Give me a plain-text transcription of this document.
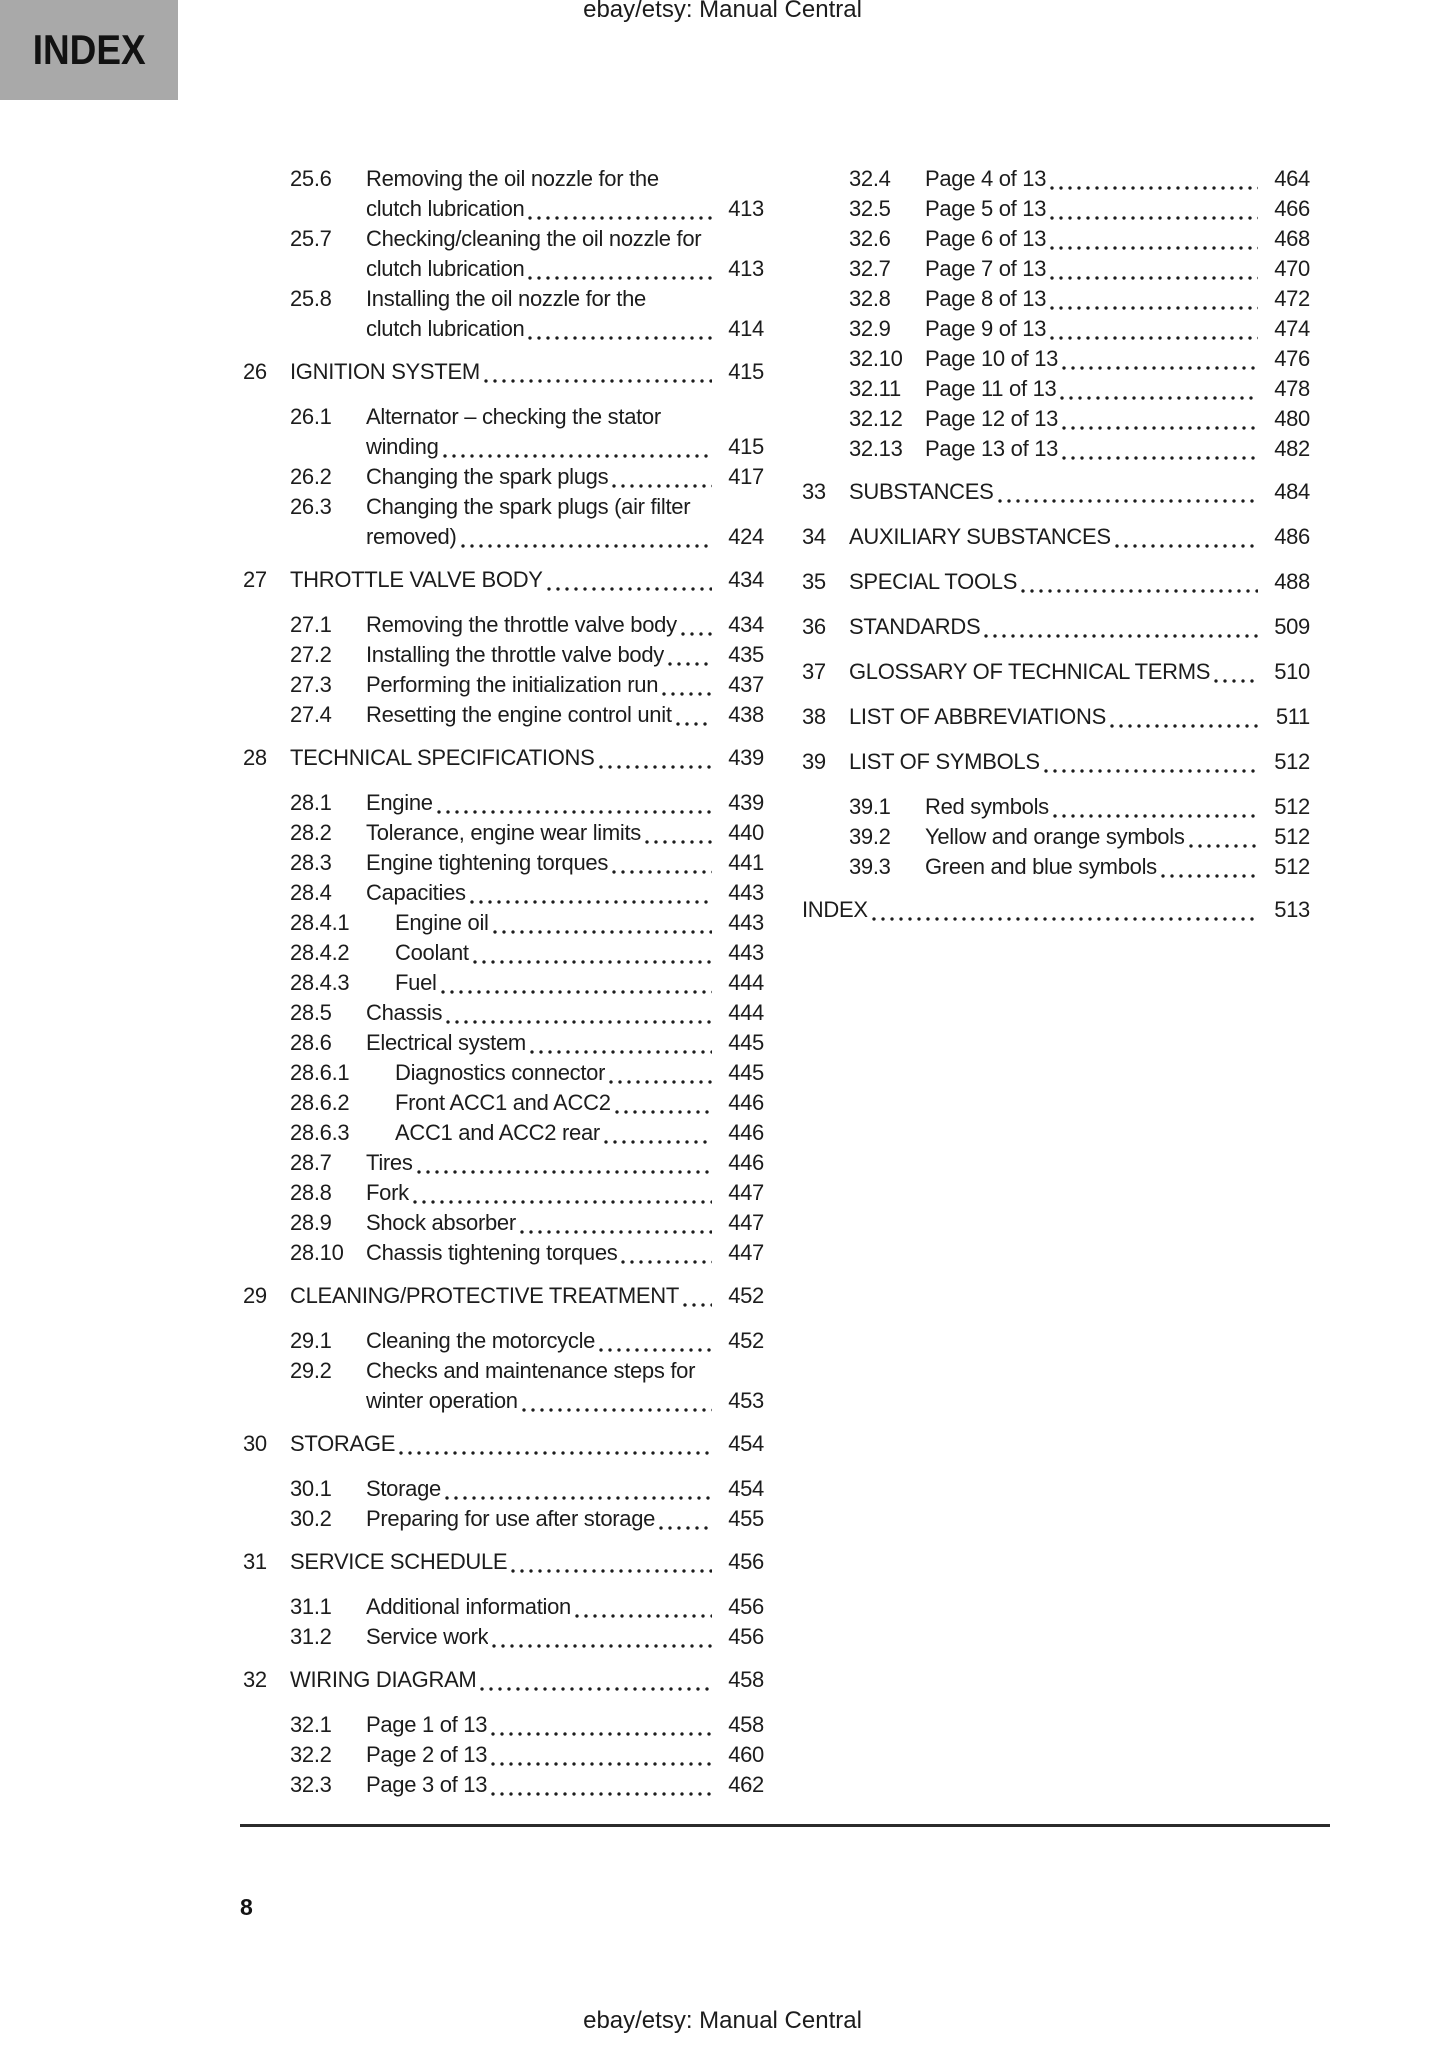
INDEX
ebay/etsy: Manual Central
25.6	Removing the oil nozzle for the
clutch lubrication	413
25.7	Checking/cleaning the oil nozzle for
clutch lubrication	413
25.8	Installing the oil nozzle for the
clutch lubrication	414
26	IGNITION SYSTEM	415
26.1	Alternator – checking the stator
winding	415
26.2	Changing the spark plugs	417
26.3	Changing the spark plugs (air filter
removed)	424
27	THROTTLE VALVE BODY	434
27.1	Removing the throttle valve body 434
27.2	Installing the throttle valve body	435
27.3	Performing the initialization run	437
27.4	Resetting the engine control unit	438
28	TECHNICAL SPECIFICATIONS	439
28.1	Engine	439
28.2	Tolerance, engine wear limits	440
28.3	Engine tightening torques	441
28.4	Capacities	443
28.4.1	Engine oil	443
28.4.2	Coolant	443
28.4.3	Fuel	444
28.5	Chassis	444
28.6	Electrical system	445
28.6.1	Diagnostics connector	445
28.6.2	Front ACC1 and ACC2	446
28.6.3	ACC1 and ACC2 rear	446
28.7	Tires	446
28.8	Fork	447
28.9	Shock absorber	447
28.10	Chassis tightening torques	447
29	CLEANING/PROTECTIVE TREATMENT 452
29.1	Cleaning the motorcycle	452
29.2	Checks and maintenance steps for
winter operation	453
30	STORAGE	454
30.1	Storage	454
30.2	Preparing for use after storage	455
31	SERVICE SCHEDULE	456
31.1	Additional information	456
31.2	Service work	456
32	WIRING DIAGRAM	458
32.1	Page 1 of 13	458
32.2	Page 2 of 13	460
32.3	Page 3 of 13	462
32.4	Page 4 of 13	464
32.5	Page 5 of 13	466
32.6	Page 6 of 13	468
32.7	Page 7 of 13	470
32.8	Page 8 of 13	472
32.9	Page 9 of 13	474
32.10	Page 10 of 13	476
32.11	Page 11 of 13	478
32.12	Page 12 of 13	480
32.13	Page 13 of 13	482
33	SUBSTANCES	484
34	AUXILIARY SUBSTANCES	486
35	SPECIAL TOOLS	488
36	STANDARDS	509
37	GLOSSARY OF TECHNICAL TERMS	510
38	LIST OF ABBREVIATIONS	511
39	LIST OF SYMBOLS	512
39.1	Red symbols	512
39.2	Yellow and orange symbols	512
39.3	Green and blue symbols	512
INDEX	513
8
ebay/etsy: Manual Central
